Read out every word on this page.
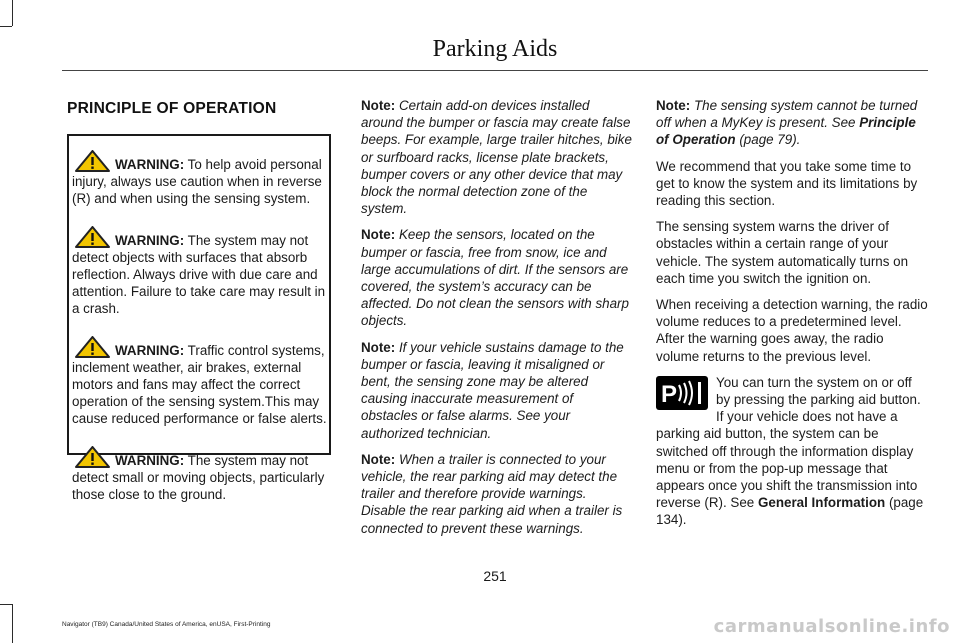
Parking Aids
PRINCIPLE OF OPERATION

WARNING: To help avoid personal injury, always use caution when in reverse (R) and when using the sensing system.

WARNING: The system may not detect objects with surfaces that absorb reflection. Always drive with due care and attention. Failure to take care may result in a crash.

WARNING: Traffic control systems, inclement weather, air brakes, external motors and fans may affect the correct operation of the sensing system.This may cause reduced performance or false alerts.

WARNING: The system may not detect small or moving objects, particularly those close to the ground.

Note: Certain add-on devices installed around the bumper or fascia may create false beeps. For example, large trailer hitches, bike or surfboard racks, license plate brackets, bumper covers or any other device that may block the normal detection zone of the system.

Note: Keep the sensors, located on the bumper or fascia, free from snow, ice and large accumulations of dirt. If the sensors are covered, the system’s accuracy can be affected. Do not clean the sensors with sharp objects.

Note: If your vehicle sustains damage to the bumper or fascia, leaving it misaligned or bent, the sensing zone may be altered causing inaccurate measurement of obstacles or false alarms. See your authorized technician.

Note: When a trailer is connected to your vehicle, the rear parking aid may detect the trailer and therefore provide warnings. Disable the rear parking aid when a trailer is connected to prevent these warnings.

Note: The sensing system cannot be turned off when a MyKey is present. See Principle of Operation (page 79).

We recommend that you take some time to get to know the system and its limitations by reading this section.

The sensing system warns the driver of obstacles within a certain range of your vehicle. The system automatically turns on each time you switch the ignition on.

When receiving a detection warning, the radio volume reduces to a predetermined level. After the warning goes away, the radio volume returns to the previous level.

P	You can turn the system on or off by pressing the parking aid button. If your vehicle does not have a parking aid button, the system can be switched off through the information display menu or from the pop-up message that appears once you shift the transmission into reverse (R). See General Information (page 134).

251
Navigator (TB9) Canada/United States of America, enUSA, First-Printing	carmanualsonline.info
